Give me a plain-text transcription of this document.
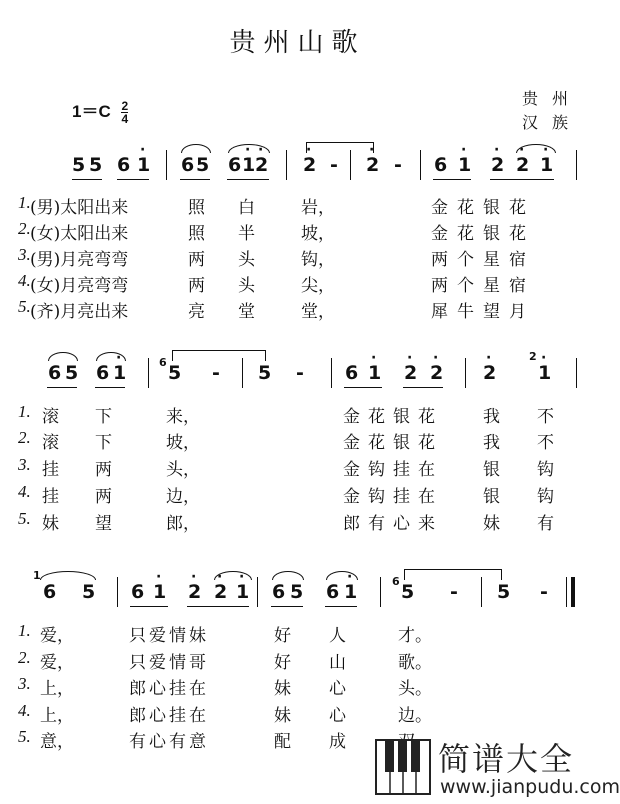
贵州山歌
$1=C \frac{2}{4}$
贵州
汉族
5 5 6 1
·
6 5 6 1 2
· ·
2
·
- 2
·
- 6 1
·
2
·
2
·
1
·
1. (男)太阳出来	照 白	岩，	金花银花
2. (女)太阳出来	照 半	坡，	金花银花
3. (男)月亮弯弯	两 头	钩，	两个星宿
4. (女)月亮弯弯	两 头	尖，	两个星宿
5. (齐)月亮出来	亮 堂	堂，	犀牛望月
6 5 6 1
·	6 5 - 5 - 6 1
·
2
·
2
·
2
·	2
1
·
1. 滚 下	来，	金花银花 我 不
2. 滚 下	坡，	金花银花 我 不
3. 挂 两	头，	金钩挂在 银 钩
4. 挂 两	边，	金钩挂在 银 钩
5. 妹 望	郎，	郎有心来 妹 有
1
6 5 6 1
·
2
·
2
·
1
·
6 5 6 1
·	6 5 - 5 -
1. 爱，	只爱情妹	好 人	才。
2. 爱，	只爱情哥	好 山	歌。
3. 上，	郎心挂在	妹 心	头。
4. 上，	郎心挂在	妹 心	边。
5. 意，	有心有意	配 成	简谱大全
www.jianpudu.com
